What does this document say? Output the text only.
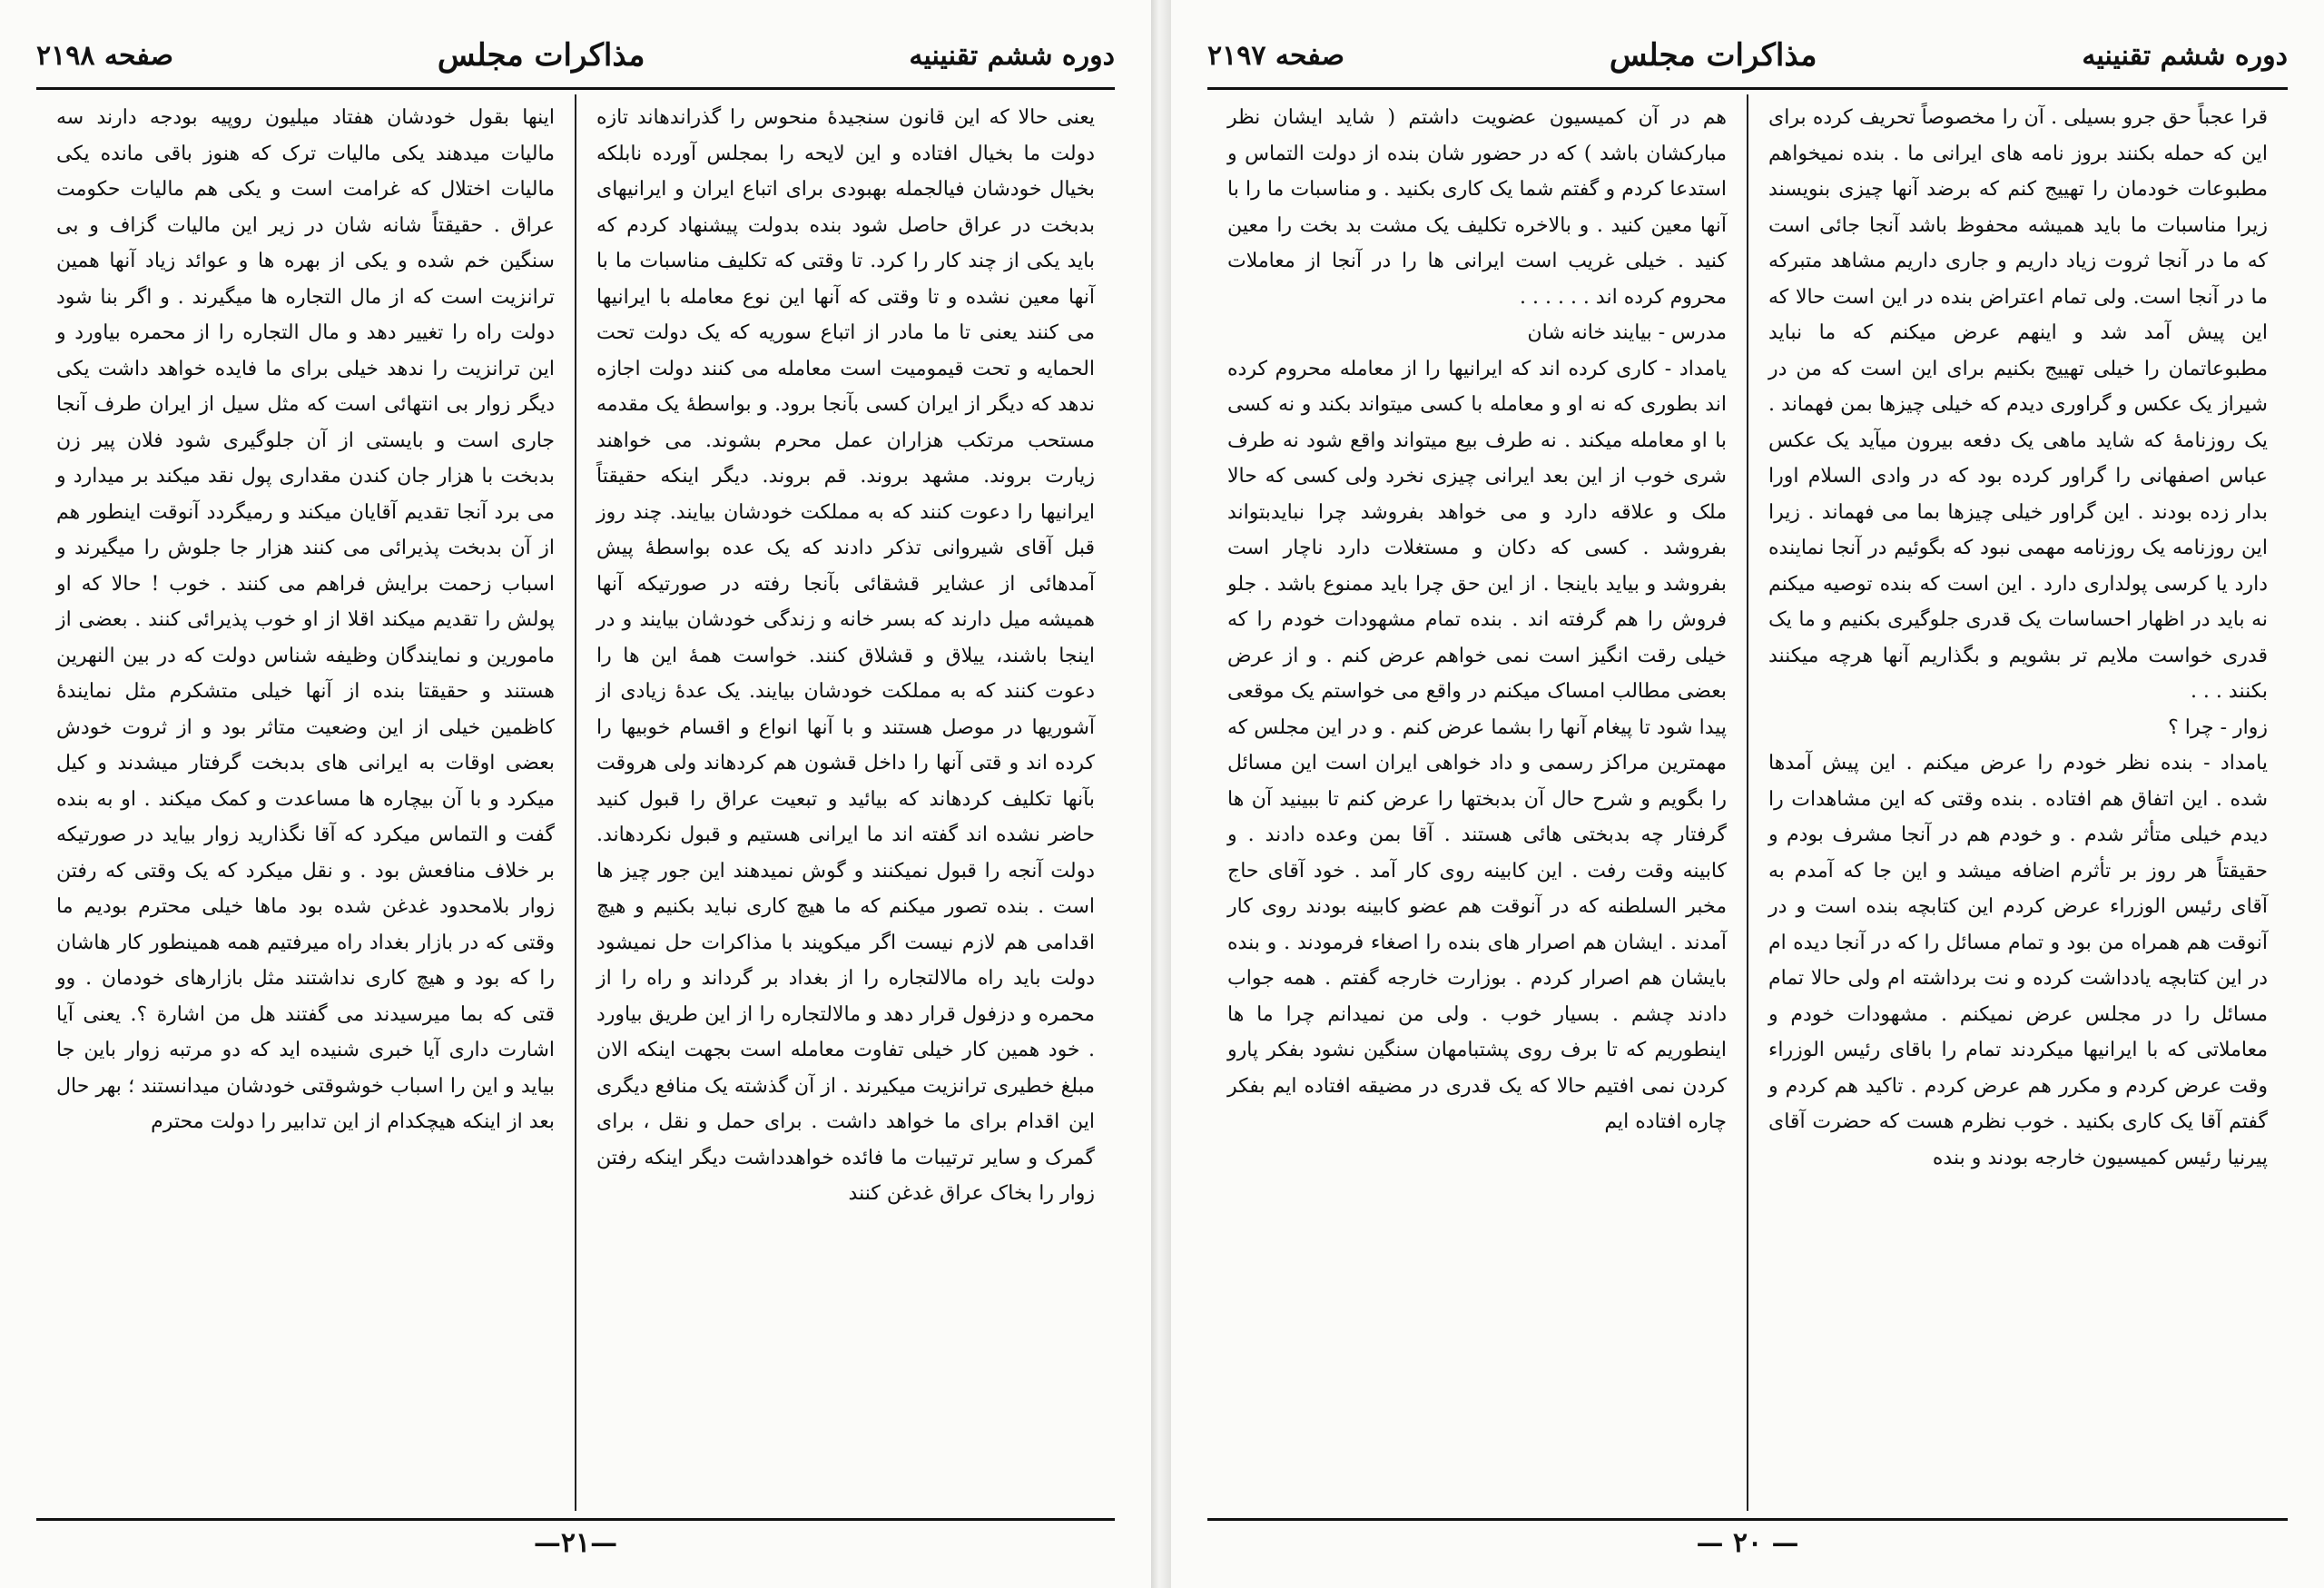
صفحه ۲۱۹۸	مذاکرات مجلس	دوره ششم تقنینیه

یعنی حالا که این قانون سنجیدۀ منحوس را گذراندهاند تازه دولت ما بخیال افتاده و این لایحه را بمجلس آورده نابلکه بخیال خودشان فیالجمله بهبودی برای اتباع ایران و ایرانیهای بدبخت در عراق حاصل شود بنده بدولت پیشنهاد کردم که باید یکی از چند کار را کرد. تا وقتی که تکلیف مناسبات ما با آنها معین نشده و تا وقتی که آنها این نوع معامله با ایرانیها می کنند یعنی تا ما مادر از اتباع سوریه که یک دولت تحت الحمایه و تحت قیمومیت است معامله می کنند دولت اجازه ندهد که دیگر از ایران کسی بآنجا برود. و بواسطۀ یک مقدمه مستحب مرتکب هزاران عمل محرم بشوند. می خواهند زیارت بروند. مشهد بروند. قم بروند. دیگر اینکه حقیقتاً ایرانیها را دعوت کنند که به مملکت خودشان بیایند. چند روز قبل آقای شیروانی تذکر دادند که یک عده بواسطۀ پیش آمدهائی از عشایر قشقائی بآنجا رفته در صورتیکه آنها همیشه میل دارند که بسر خانه و زندگی خودشان بیایند و در اینجا باشند، ییلاق و قشلاق کنند. خواست همۀ این ها را دعوت کنند که به مملکت خودشان بیایند. یک عدۀ زیادی از آشوریها در موصل هستند و با آنها انواع و اقسام خوبیها را کرده اند و قتی آنها را داخل قشون هم کردهاند ولی هروقت بآنها تکلیف کردهاند که بیائید و تبعیت عراق را قبول کنید حاضر نشده اند گفته اند ما ایرانی هستیم و قبول نکردهاند. دولت آنجه را قبول نمیکنند و گوش نمیدهند این جور چیز ها است . بنده تصور میکنم که ما هیچ کاری نباید بکنیم و هیچ اقدامی هم لازم نیست اگر میکویند با مذاکرات حل نمیشود دولت باید راه مالالتجاره را از بغداد بر گرداند و راه را از محمره و دزفول قرار دهد و مالالتجاره را از این طریق بیاورد . خود همین کار خیلی تفاوت معامله است بجهت اینکه الان مبلغ خطیری ترانزیت میکیرند . از آن گذشته یک منافع دیگری این اقدام برای ما خواهد داشت . برای حمل و نقل ، برای گمرک و سایر ترتیبات ما فائده خواهدداشت دیگر اینکه رفتن زوار را بخاک عراق غدغن کنند

اینها بقول خودشان هفتاد میلیون روپیه بودجه دارند سه مالیات میدهند یکی مالیات ترک که هنوز باقی مانده یکی مالیات اختلال که غرامت است و یکی هم مالیات حکومت عراق . حقیقتاً شانه شان در زیر این مالیات گزاف و بی سنگین خم شده و یکی از بهره ها و عوائد زیاد آنها همین ترانزیت است که از مال التجاره ها میگیرند . و اگر بنا شود دولت راه را تغییر دهد و مال التجاره را از محمره بیاورد و این ترانزیت را ندهد خیلی برای ما فایده خواهد داشت یکی دیگر زوار بی انتهائی است که مثل سیل از ایران طرف آنجا جاری است و بایستی از آن جلوگیری شود فلان پیر زن بدبخت با هزار جان کندن مقداری پول نقد میکند بر میدارد و می برد آنجا تقدیم آقایان میکند و رمیگردد آنوقت اینطور هم از آن بدبخت پذیرائی می کنند هزار جا جلوش را میگیرند و اسباب زحمت برایش فراهم می کنند . خوب ! حالا که او پولش را تقدیم میکند اقلا از او خوب پذیرائی کنند . بعضی از مامورین و نمایندگان وظیفه شناس دولت که در بین النهرین هستند و حقیقتا بنده از آنها خیلی متشکرم مثل نمایندۀ کاظمین خیلی از این وضعیت متاثر بود و از ثروت خودش بعضی اوقات به ایرانی های بدبخت گرفتار میشدند و کیل میکرد و با آن بیچاره ها مساعدت و کمک میکند . او به بنده گفت و التماس میکرد که آقا نگذارید زوار بیاید در صورتیکه بر خلاف منافعش بود . و نقل میکرد که یک وقتی که رفتن زوار بلامحدود غدغن شده بود ماها خیلی محترم بودیم ما وقتی که در بازار بغداد راه میرفتیم همه همینطور کار هاشان را که بود و هیچ کاری نداشتند مثل بازارهای خودمان . وو قتی که بما میرسیدند می گفتند هل من اشارة ؟. یعنی آیا اشارت داری آیا خبری شنیده اید که دو مرتبه زوار باین جا بیاید و این را اسباب خوشوقتی خودشان میدانستند ؛ بهر حال بعد از اینکه هیچکدام از این تدابیر را دولت محترم

—۲۱—
صفحه ۲۱۹۷	مذاکرات مجلس	دوره ششم تقنینیه

قرا عجباً حق جرو بسیلی . آن را مخصوصاً تحریف کرده برای این که حمله بکنند بروز نامه های ایرانی ما . بنده نمیخواهم مطبوعات خودمان را تهییج کنم که برضد آنها چیزی بنویسند زیرا مناسبات ما باید همیشه محفوظ باشد آنجا جائی است که ما در آنجا ثروت زیاد داریم و جاری داریم مشاهد متبرکه ما در آنجا است. ولی تمام اعتراض بنده در این است حالا که این پیش آمد شد و اینهم عرض میکنم که ما نباید مطبوعاتمان را خیلی تهییج بکنیم برای این است که من در شیراز یک عکس و گراوری دیدم که خیلی چیزها بمن فهماند . یک روزنامۀ که شاید ماهی یک دفعه بیرون میآید یک عکس عباس اصفهانی را گراور کرده بود که در وادی السلام اورا بدار زده بودند . این گراور خیلی چیزها بما می فهماند . زیرا این روزنامه یک روزنامه مهمی نبود که بگوئیم در آنجا نماینده دارد یا کرسی پولداری دارد . این است که بنده توصیه میکنم نه باید در اظهار احساسات یک قدری جلوگیری بکنیم و ما یک قدری خواست ملایم تر بشویم و بگذاریم آنها هرچه میکنند بکنند . . .
زوار - چرا ؟
یامداد - بنده نظر خودم را عرض میکنم . این پیش آمدها شده . این اتفاق هم افتاده . بنده وقتی که این مشاهدات را دیدم خیلی متأثر شدم . و خودم هم در آنجا مشرف بودم و حقیقتاً هر روز بر تأثرم اضافه میشد و این جا که آمدم به آقای رئیس الوزراء عرض کردم این کتابچه بنده است و در آنوقت هم همراه من بود و تمام مسائل را که در آنجا دیده ام در این کتابچه یادداشت کرده و نت برداشته ام ولی حالا تمام مسائل را در مجلس عرض نمیکنم . مشهودات خودم و معاملاتی که با ایرانیها میکردند تمام را باقای رئیس الوزراء وقت عرض کردم و مکرر هم عرض کردم . تاکید هم کردم و گفتم آقا یک کاری بکنید . خوب نظرم هست که حضرت آقای پیرنیا رئیس کمیسیون خارجه بودند و بنده

هم در آن کمیسیون عضویت داشتم ( شاید ایشان نظر مبارکشان باشد ) که در حضور شان بنده از دولت التماس و استدعا کردم و گفتم شما یک کاری بکنید . و مناسبات ما را با آنها معین کنید . و بالاخره تکلیف یک مشت بد بخت را معین کنید . خیلی غریب است ایرانی ها را در آنجا از معاملات محروم کرده اند . . . . . .
مدرس - بیایند خانه شان
یامداد - کاری کرده اند که ایرانیها را از معامله محروم کرده اند بطوری که نه او و معامله با کسی میتواند بکند و نه کسی با او معامله میکند . نه طرف بیع میتواند واقع شود نه طرف شری خوب از این بعد ایرانی چیزی نخرد ولی کسی که حالا ملک و علاقه دارد و می خواهد بفروشد چرا نبایدبتواند بفروشد . کسی که دکان و مستغلات دارد ناچار است بفروشد و بیاید باینجا . از این حق چرا باید ممنوع باشد . جلو فروش را هم گرفته اند . بنده تمام مشهودات خودم را که خیلی رقت انگیز است نمی خواهم عرض کنم . و از عرض بعضی مطالب امساک میکنم در واقع می خواستم یک موقعی پیدا شود تا پیغام آنها را بشما عرض کنم . و در این مجلس که مهمترین مراکز رسمی و داد خواهی ایران است این مسائل را بگویم و شرح حال آن بدبختها را عرض کنم تا ببینید آن ها گرفتار چه بدبختی هائی هستند . آقا بمن وعده دادند . و کابینه وقت رفت . این کابینه روی کار آمد . خود آقای حاج مخبر السلطنه که در آنوقت هم عضو کابینه بودند روی کار آمدند . ایشان هم اصرار های بنده را اصغاء فرمودند . و بنده بایشان هم اصرار کردم . بوزارت خارجه گفتم . همه جواب دادند چشم . بسیار خوب . ولی من نمیدانم چرا ما ها اینطوریم که تا برف روی پشتبامهان سنگین نشود بفکر پارو کردن نمی افتیم حالا که یک قدری در مضیقه افتاده ایم بفکر چاره افتاده ایم

— ۲۰ —
